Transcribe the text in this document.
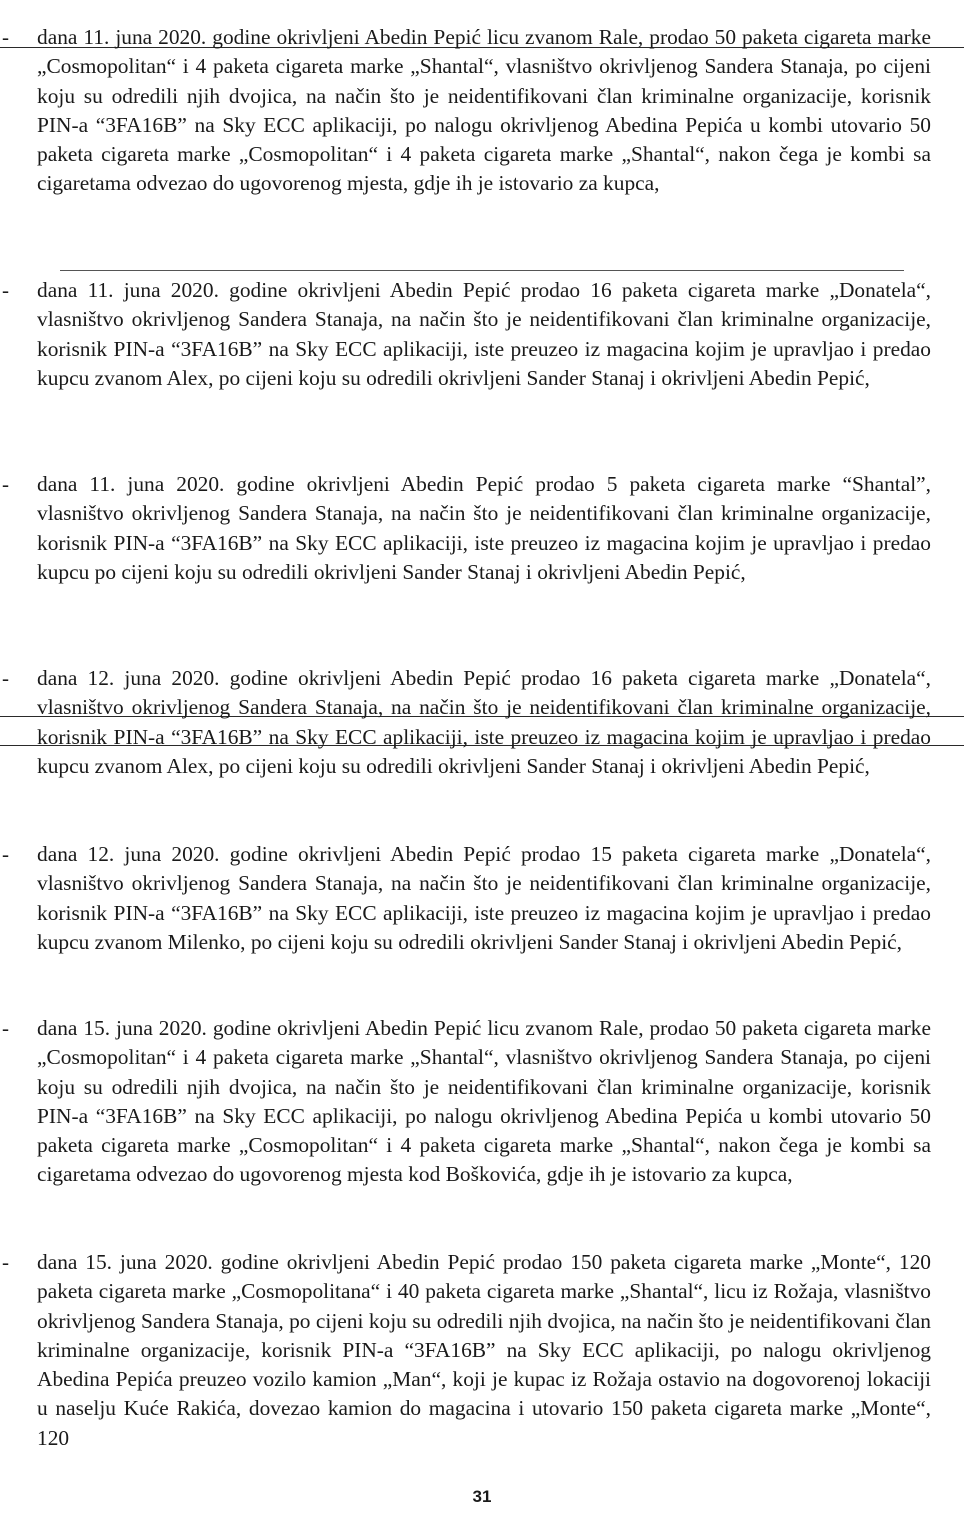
-	dana 11. juna 2020. godine okrivljeni Abedin Pepić licu zvanom Rale, prodao 50 paketa cigareta marke „Cosmopolitan“ i 4 paketa cigareta marke „Shantal“, vlasništvo okrivljenog Sandera Stanaja, po cijeni koju su odredili njih dvojica, na način što je neidentifikovani član kriminalne organizacije, korisnik PIN-a “3FA16B” na Sky ECC aplikaciji, po nalogu okrivljenog Abedina Pepića u kombi utovario 50 paketa cigareta marke „Cosmopolitan“ i 4 paketa cigareta marke „Shantal“, nakon čega je kombi sa cigaretama odvezao do ugovorenog mjesta, gdje ih je istovario za kupca,

-	dana 11. juna 2020. godine okrivljeni Abedin Pepić prodao 16 paketa cigareta marke „Donatela“, vlasništvo okrivljenog Sandera Stanaja, na način što je neidentifikovani član kriminalne organizacije, korisnik PIN-a “3FA16B” na Sky ECC aplikaciji, iste preuzeo iz magacina kojim je upravljao i predao kupcu zvanom Alex, po cijeni koju su odredili okrivljeni Sander Stanaj i okrivljeni Abedin Pepić,

-	dana 11. juna 2020. godine okrivljeni Abedin Pepić prodao 5 paketa cigareta marke “Shantal”, vlasništvo okrivljenog Sandera Stanaja, na način što je neidentifikovani član kriminalne organizacije, korisnik PIN-a “3FA16B” na Sky ECC aplikaciji, iste preuzeo iz magacina kojim je upravljao i predao kupcu po cijeni koju su odredili okrivljeni Sander Stanaj i okrivljeni Abedin Pepić,

-	dana 12. juna 2020. godine okrivljeni Abedin Pepić prodao 16 paketa cigareta marke „Donatela“, vlasništvo okrivljenog Sandera Stanaja, na način što je neidentifikovani član kriminalne organizacije, korisnik PIN-a “3FA16B” na Sky ECC aplikaciji, iste preuzeo iz magacina kojim je upravljao i predao kupcu zvanom Alex, po cijeni koju su odredili okrivljeni Sander Stanaj i okrivljeni Abedin Pepić,

-	dana 12. juna 2020. godine okrivljeni Abedin Pepić prodao 15 paketa cigareta marke „Donatela“, vlasništvo okrivljenog Sandera Stanaja, na način što je neidentifikovani član kriminalne organizacije, korisnik PIN-a “3FA16B” na Sky ECC aplikaciji, iste preuzeo iz magacina kojim je upravljao i predao kupcu zvanom Milenko, po cijeni koju su odredili okrivljeni Sander Stanaj i okrivljeni Abedin Pepić,

-	dana 15. juna 2020. godine okrivljeni Abedin Pepić licu zvanom Rale, prodao 50 paketa cigareta marke „Cosmopolitan“ i 4 paketa cigareta marke „Shantal“, vlasništvo okrivljenog Sandera Stanaja, po cijeni koju su odredili njih dvojica, na način što je neidentifikovani član kriminalne organizacije, korisnik PIN-a “3FA16B” na Sky ECC aplikaciji, po nalogu okrivljenog Abedina Pepića u kombi utovario 50 paketa cigareta marke „Cosmopolitan“ i 4 paketa cigareta marke „Shantal“, nakon čega je kombi sa cigaretama odvezao do ugovorenog mjesta kod Boškovića, gdje ih je istovario za kupca,

-	dana 15. juna 2020. godine okrivljeni Abedin Pepić prodao 150 paketa cigareta marke „Monte“, 120 paketa cigareta marke „Cosmopolitana“ i 40 paketa cigareta marke „Shantal“, licu iz Rožaja, vlasništvo okrivljenog Sandera Stanaja, po cijeni koju su odredili njih dvojica, na način što je neidentifikovani član kriminalne organizacije, korisnik PIN-a “3FA16B” na Sky ECC aplikaciji, po nalogu okrivljenog Abedina Pepića preuzeo vozilo kamion „Man“, koji je kupac iz Rožaja ostavio na dogovorenoj lokaciji u naselju Kuće Rakića, dovezao kamion do magacina i utovario 150 paketa cigareta marke „Monte“, 120

31
